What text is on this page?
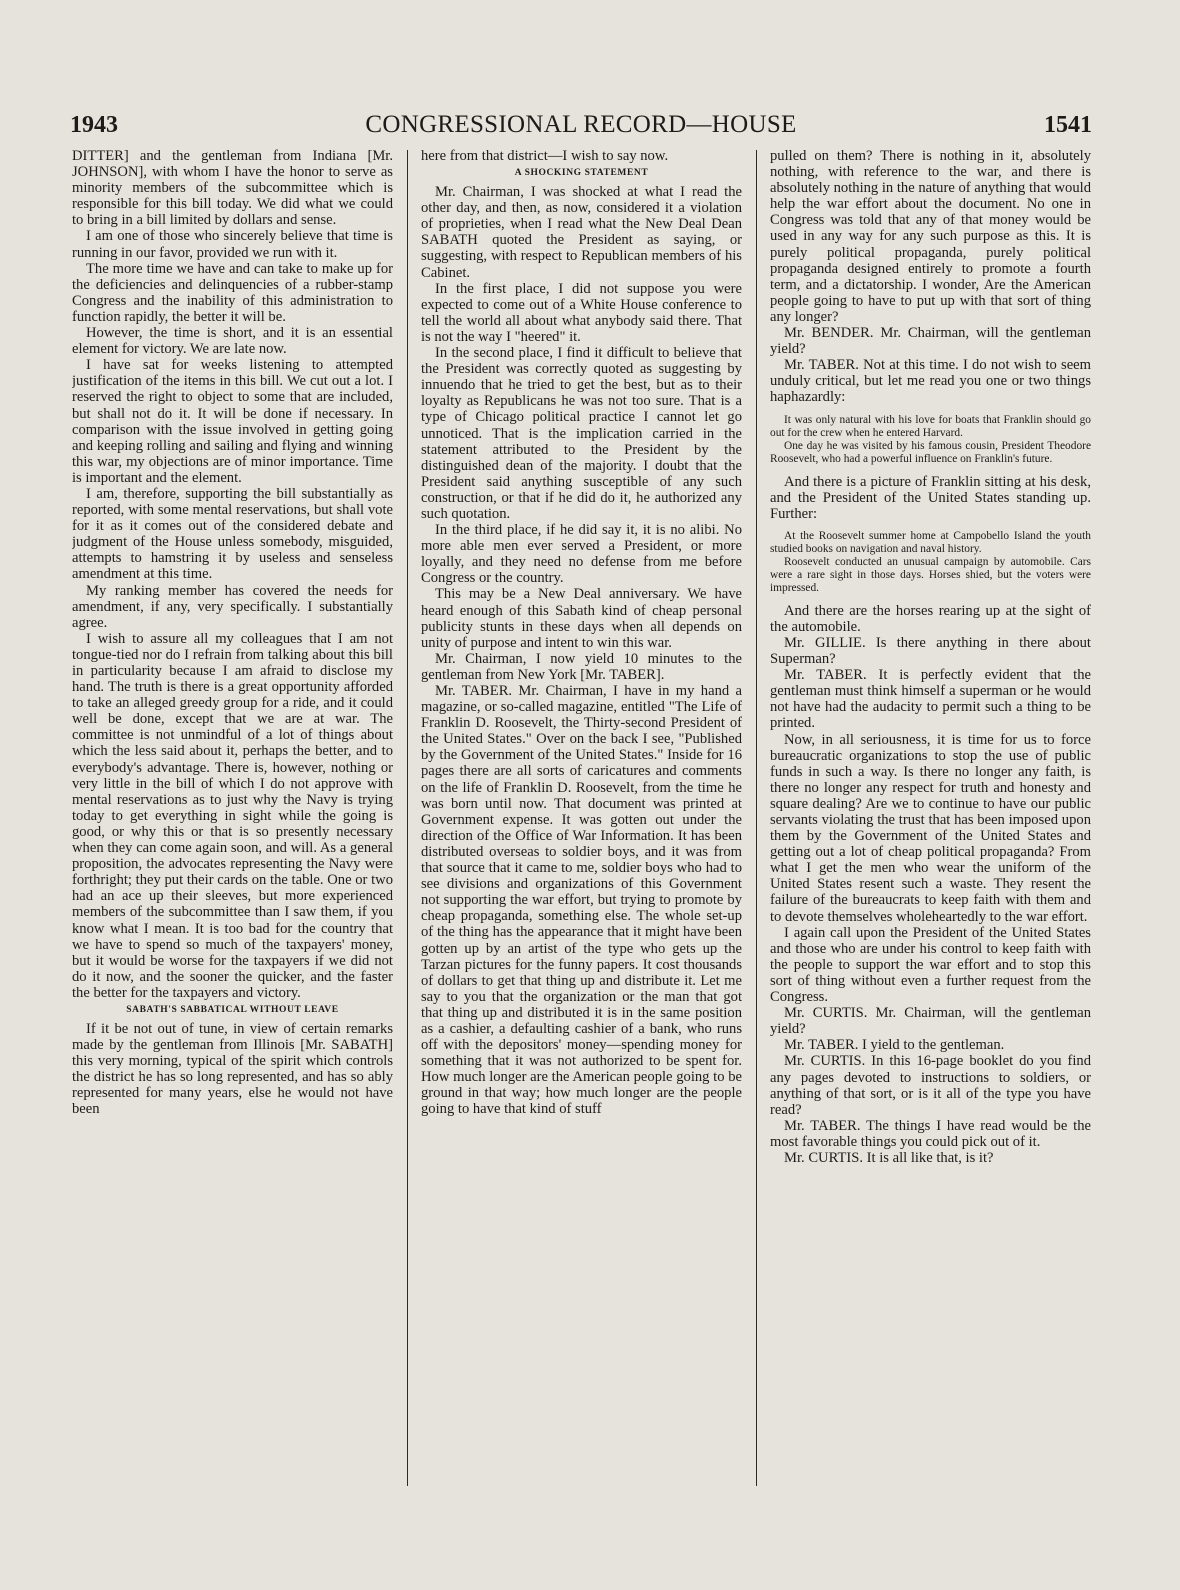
1943	CONGRESSIONAL RECORD—HOUSE	1541

DITTER] and the gentleman from Indiana [Mr. JOHNSON], with whom I have the honor to serve as minority members of the subcommittee which is responsible for this bill today. We did what we could to bring in a bill limited by dollars and sense.

I am one of those who sincerely believe that time is running in our favor, provided we run with it.

The more time we have and can take to make up for the deficiencies and delinquencies of a rubber-stamp Congress and the inability of this administration to function rapidly, the better it will be.

However, the time is short, and it is an essential element for victory. We are late now.

I have sat for weeks listening to attempted justification of the items in this bill. We cut out a lot. I reserved the right to object to some that are included, but shall not do it. It will be done if necessary. In comparison with the issue involved in getting going and keeping rolling and sailing and flying and winning this war, my objections are of minor importance. Time is important and the element.

I am, therefore, supporting the bill substantially as reported, with some mental reservations, but shall vote for it as it comes out of the considered debate and judgment of the House unless somebody, misguided, attempts to hamstring it by useless and senseless amendment at this time.

My ranking member has covered the needs for amendment, if any, very specifically. I substantially agree.

I wish to assure all my colleagues that I am not tongue-tied nor do I refrain from talking about this bill in particularity because I am afraid to disclose my hand. The truth is there is a great opportunity afforded to take an alleged greedy group for a ride, and it could well be done, except that we are at war. The committee is not unmindful of a lot of things about which the less said about it, perhaps the better, and to everybody's advantage. There is, however, nothing or very little in the bill of which I do not approve with mental reservations as to just why the Navy is trying today to get everything in sight while the going is good, or why this or that is so presently necessary when they can come again soon, and will. As a general proposition, the advocates representing the Navy were forthright; they put their cards on the table. One or two had an ace up their sleeves, but more experienced members of the subcommittee than I saw them, if you know what I mean. It is too bad for the country that we have to spend so much of the taxpayers' money, but it would be worse for the taxpayers if we did not do it now, and the sooner the quicker, and the faster the better for the taxpayers and victory.

SABATH'S SABBATICAL WITHOUT LEAVE

If it be not out of tune, in view of certain remarks made by the gentleman from Illinois [Mr. SABATH] this very morning, typical of the spirit which controls the district he has so long represented, and has so ably represented for many years, else he would not have been

here from that district—I wish to say now.

A SHOCKING STATEMENT

Mr. Chairman, I was shocked at what I read the other day, and then, as now, considered it a violation of proprieties, when I read what the New Deal Dean SABATH quoted the President as saying, or suggesting, with respect to Republican members of his Cabinet.

In the first place, I did not suppose you were expected to come out of a White House conference to tell the world all about what anybody said there. That is not the way I "heered" it.

In the second place, I find it difficult to believe that the President was correctly quoted as suggesting by innuendo that he tried to get the best, but as to their loyalty as Republicans he was not too sure. That is a type of Chicago political practice I cannot let go unnoticed. That is the implication carried in the statement attributed to the President by the distinguished dean of the majority. I doubt that the President said anything susceptible of any such construction, or that if he did do it, he authorized any such quotation.

In the third place, if he did say it, it is no alibi. No more able men ever served a President, or more loyally, and they need no defense from me before Congress or the country.

This may be a New Deal anniversary. We have heard enough of this Sabath kind of cheap personal publicity stunts in these days when all depends on unity of purpose and intent to win this war.

Mr. Chairman, I now yield 10 minutes to the gentleman from New York [Mr. TABER].

Mr. TABER. Mr. Chairman, I have in my hand a magazine, or so-called magazine, entitled "The Life of Franklin D. Roosevelt, the Thirty-second President of the United States." Over on the back I see, "Published by the Government of the United States." Inside for 16 pages there are all sorts of caricatures and comments on the life of Franklin D. Roosevelt, from the time he was born until now. That document was printed at Government expense. It was gotten out under the direction of the Office of War Information. It has been distributed overseas to soldier boys, and it was from that source that it came to me, soldier boys who had to see divisions and organizations of this Government not supporting the war effort, but trying to promote by cheap propaganda, something else. The whole set-up of the thing has the appearance that it might have been gotten up by an artist of the type who gets up the Tarzan pictures for the funny papers. It cost thousands of dollars to get that thing up and distribute it. Let me say to you that the organization or the man that got that thing up and distributed it is in the same position as a cashier, a defaulting cashier of a bank, who runs off with the depositors' money—spending money for something that it was not authorized to be spent for. How much longer are the American people going to be ground in that way; how much longer are the people going to have that kind of stuff

pulled on them? There is nothing in it, absolutely nothing, with reference to the war, and there is absolutely nothing in the nature of anything that would help the war effort about the document. No one in Congress was told that any of that money would be used in any way for any such purpose as this. It is purely political propaganda, purely political propaganda designed entirely to promote a fourth term, and a dictatorship. I wonder, Are the American people going to have to put up with that sort of thing any longer?

Mr. BENDER. Mr. Chairman, will the gentleman yield?

Mr. TABER. Not at this time. I do not wish to seem unduly critical, but let me read you one or two things haphazardly:

It was only natural with his love for boats that Franklin should go out for the crew when he entered Harvard.

One day he was visited by his famous cousin, President Theodore Roosevelt, who had a powerful influence on Franklin's future.

And there is a picture of Franklin sitting at his desk, and the President of the United States standing up. Further:

At the Roosevelt summer home at Campobello Island the youth studied books on navigation and naval history.

Roosevelt conducted an unusual campaign by automobile. Cars were a rare sight in those days. Horses shied, but the voters were impressed.

And there are the horses rearing up at the sight of the automobile.

Mr. GILLIE. Is there anything in there about Superman?

Mr. TABER. It is perfectly evident that the gentleman must think himself a superman or he would not have had the audacity to permit such a thing to be printed.

Now, in all seriousness, it is time for us to force bureaucratic organizations to stop the use of public funds in such a way. Is there no longer any faith, is there no longer any respect for truth and honesty and square dealing? Are we to continue to have our public servants violating the trust that has been imposed upon them by the Government of the United States and getting out a lot of cheap political propaganda? From what I get the men who wear the uniform of the United States resent such a waste. They resent the failure of the bureaucrats to keep faith with them and to devote themselves wholeheartedly to the war effort.

I again call upon the President of the United States and those who are under his control to keep faith with the people to support the war effort and to stop this sort of thing without even a further request from the Congress.

Mr. CURTIS. Mr. Chairman, will the gentleman yield?

Mr. TABER. I yield to the gentleman.

Mr. CURTIS. In this 16-page booklet do you find any pages devoted to instructions to soldiers, or anything of that sort, or is it all of the type you have read?

Mr. TABER. The things I have read would be the most favorable things you could pick out of it.

Mr. CURTIS. It is all like that, is it?
